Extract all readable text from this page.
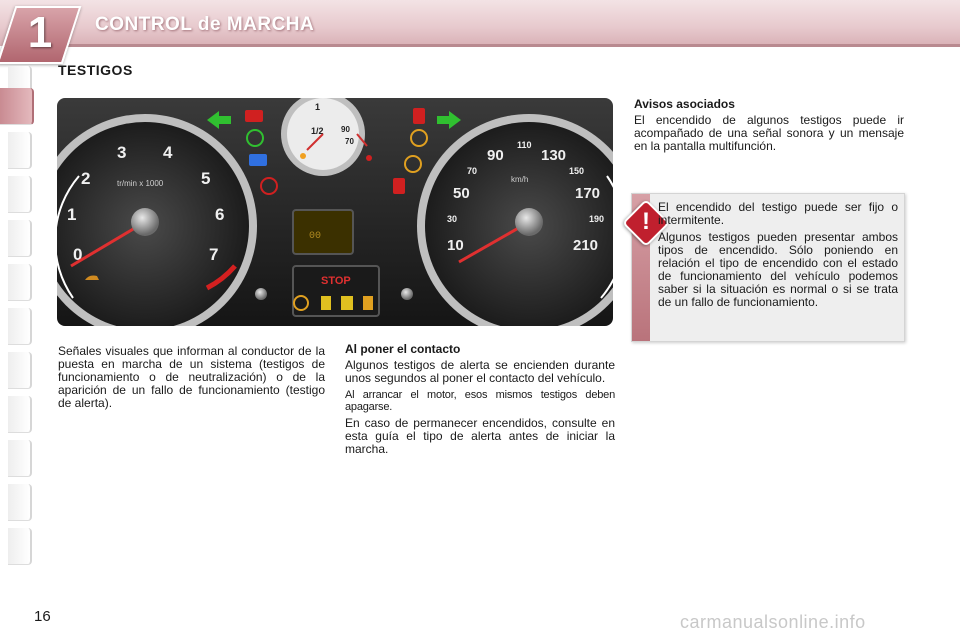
1	CONTROL de MARCHA
TESTIGOS
0
1
2
3 4
5
6
7
tr/min x 1000
1/2
1
90
70
00
STOP
10
30
50
70
90
110
130
150
170
190
210
km/h

Señales visuales que informan al conductor de la puesta en marcha de un sistema (testigos de funcionamiento o de neutralización) o de la aparición de un fallo de funcionamiento (testigo de alerta).

Al poner el contacto

Algunos testigos de alerta se encienden durante unos segundos al poner el contacto del vehículo.

Al arrancar el motor, esos mismos testigos deben apagarse.

En caso de permanecer encendidos, consulte en esta guía el tipo de alerta antes de iniciar la marcha.

Avisos asociados

El encendido de algunos testigos puede ir acompañado de una señal sonora y un mensaje en la pantalla multifunción.

!

El encendido del testigo puede ser fijo o intermitente.

Algunos testigos pueden presentar ambos tipos de encendido. Sólo poniendo en relación el tipo de encendido con el estado de funcionamiento del vehículo podemos saber si la situación es normal o si se trata de un fallo de funcionamiento.

16	carmanualsonline.info
